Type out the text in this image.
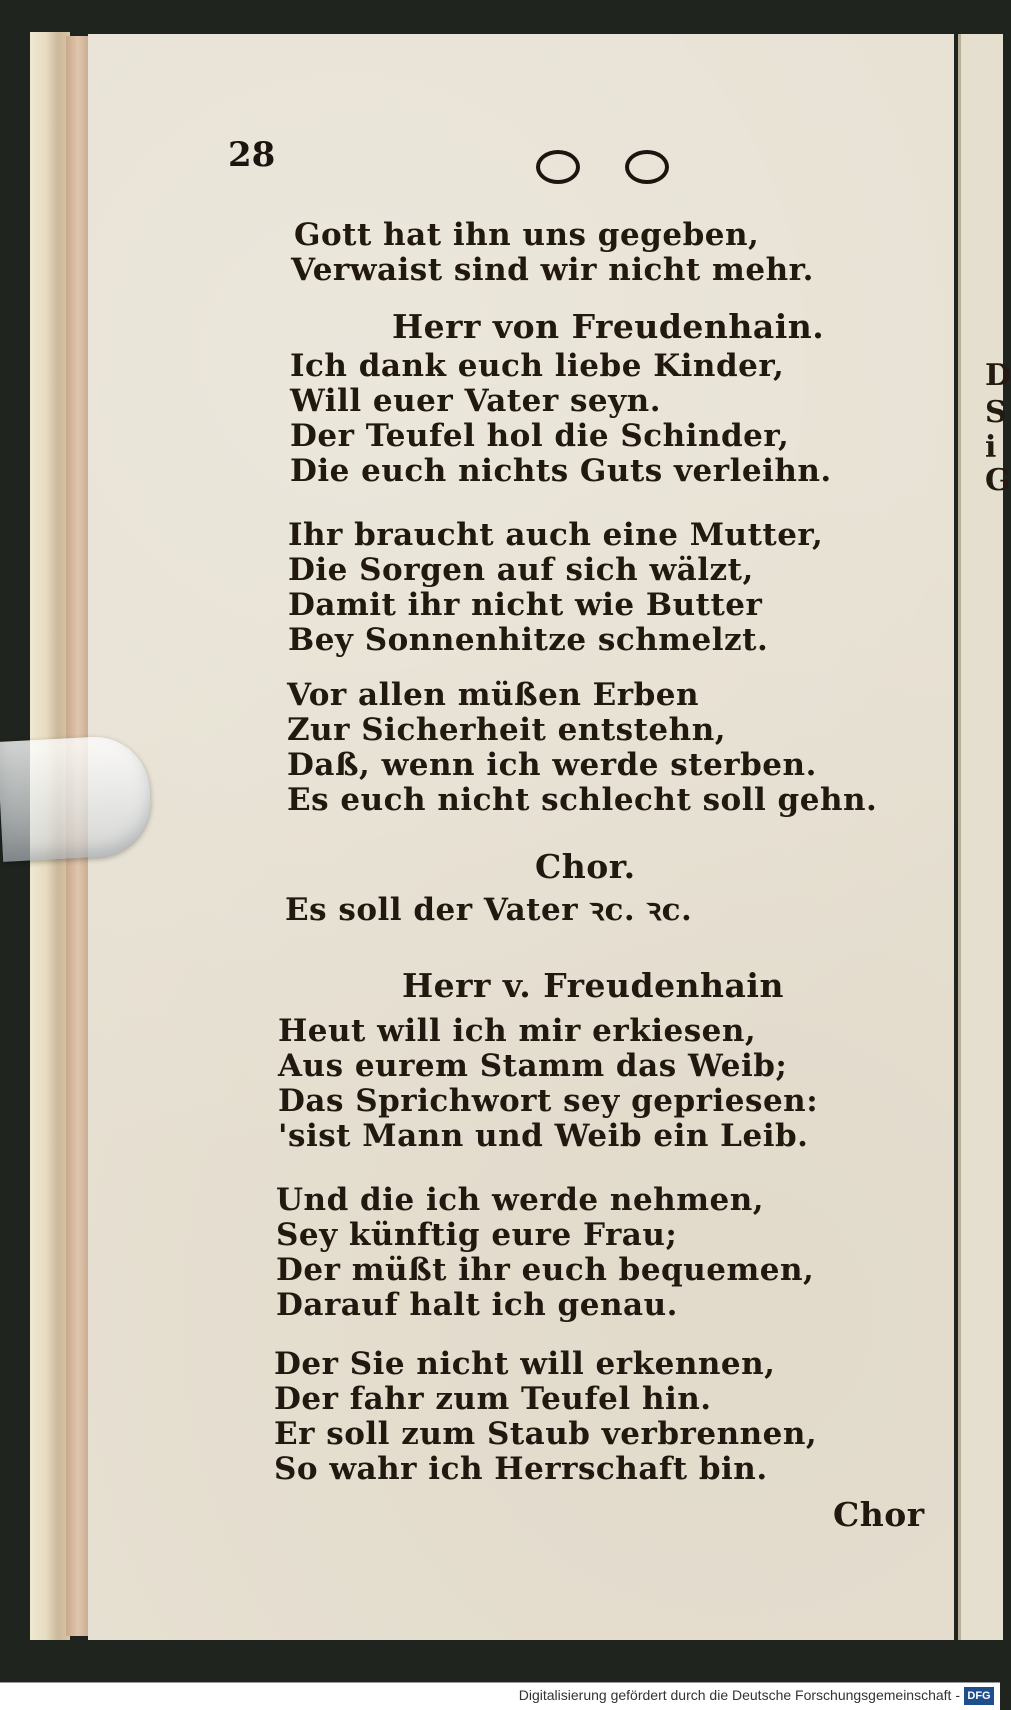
D
S
i
G
28

Gott hat ihn uns gegeben,

Verwaist sind wir nicht mehr.

Herr von Freudenhain.

Ich dank euch liebe Kinder,

Will euer Vater seyn.

Der Teufel hol die Schinder,

Die euch nichts Guts verleihn.

Ihr braucht auch eine Mutter,

Die Sorgen auf sich wälzt,

Damit ihr nicht wie Butter

Bey Sonnenhitze schmelzt.

Vor allen müßen Erben

Zur Sicherheit entstehn,

Daß, wenn ich werde sterben.

Es euch nicht schlecht soll gehn.

Chor.

Es soll der Vater ꝛc. ꝛc.

Herr v. Freudenhain

Heut will ich mir erkiesen,

Aus eurem Stamm das Weib;

Das Sprichwort sey gepriesen:

'sist Mann und Weib ein Leib.

Und die ich werde nehmen,

Sey künftig eure Frau;

Der müßt ihr euch bequemen,

Darauf halt ich genau.

Der Sie nicht will erkennen,

Der fahr zum Teufel hin.

Er soll zum Staub verbrennen,

So wahr ich Herrschaft bin.

Chor

Digitalisierung gefördert durch die Deutsche Forschungsgemeinschaft - DFG
